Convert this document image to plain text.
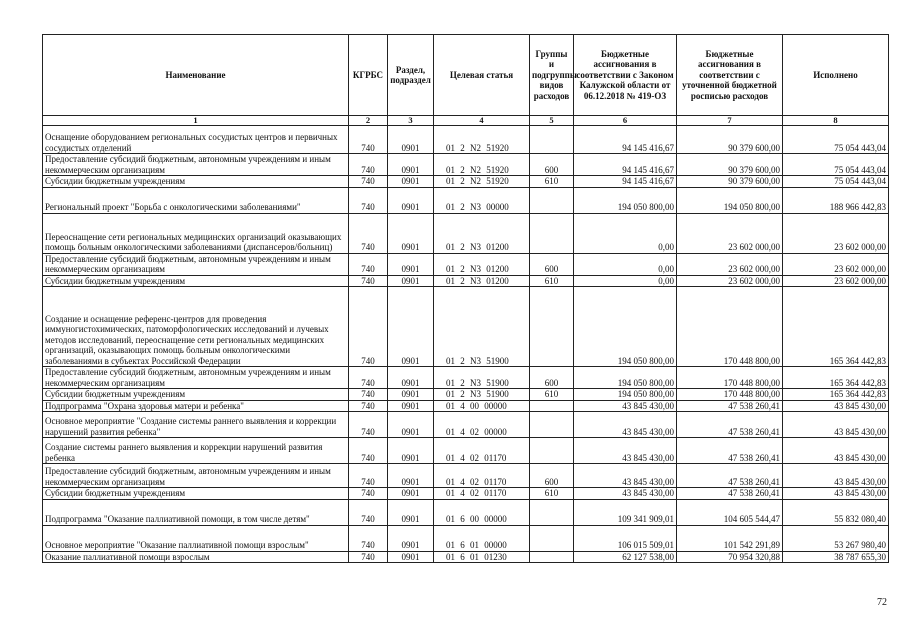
Наименование	КГРБС	Раздел, подраздел	Целевая статья	Группы и подгруппы видов расходов	Бюджетные ассигнования в соответствии с Законом Калужской области от 06.12.2018 № 419-ОЗ	Бюджетные ассигнования в соответствии с уточненной бюджетной росписью расходов	Исполнено
1	2	3	4	5	6	7	8
Оснащение оборудованием региональных сосудистых центров и первичных сосудистых отделений	740	0901	01 2 N2 51920		94 145 416,67	90 379 600,00	75 054 443,04
Предоставление субсидий бюджетным, автономным учреждениям и иным некоммерческим организациям	740	0901	01 2 N2 51920	600	94 145 416,67	90 379 600,00	75 054 443,04
Субсидии бюджетным учреждениям	740	0901	01 2 N2 51920	610	94 145 416,67	90 379 600,00	75 054 443,04
Региональный проект "Борьба с онкологическими заболеваниями"	740	0901	01 2 N3 00000		194 050 800,00	194 050 800,00	188 966 442,83
Переоснащение сети региональных медицинских организаций оказывающих помощь больным онкологическими заболеваниями (диспансеров/больниц)	740	0901	01 2 N3 01200		0,00	23 602 000,00	23 602 000,00
Предоставление субсидий бюджетным, автономным учреждениям и иным некоммерческим организациям	740	0901	01 2 N3 01200	600	0,00	23 602 000,00	23 602 000,00
Субсидии бюджетным учреждениям	740	0901	01 2 N3 01200	610	0,00	23 602 000,00	23 602 000,00
Создание и оснащение референс-центров для проведения иммуногистохимических, патоморфологических исследований и лучевых методов исследований, переоснащение сети региональных медицинских организаций, оказывающих помощь больным онкологическими заболеваниями в субъектах Российской Федерации	740	0901	01 2 N3 51900		194 050 800,00	170 448 800,00	165 364 442,83
Предоставление субсидий бюджетным, автономным учреждениям и иным некоммерческим организациям	740	0901	01 2 N3 51900	600	194 050 800,00	170 448 800,00	165 364 442,83
Субсидии бюджетным учреждениям	740	0901	01 2 N3 51900	610	194 050 800,00	170 448 800,00	165 364 442,83
Подпрограмма "Охрана здоровья матери и ребенка"	740	0901	01 4 00 00000		43 845 430,00	47 538 260,41	43 845 430,00
Основное мероприятие "Создание системы раннего выявления и коррекции нарушений развития ребенка"	740	0901	01 4 02 00000		43 845 430,00	47 538 260,41	43 845 430,00
Создание системы раннего выявления и коррекции нарушений развития ребенка	740	0901	01 4 02 01170		43 845 430,00	47 538 260,41	43 845 430,00
Предоставление субсидий бюджетным, автономным учреждениям и иным некоммерческим организациям	740	0901	01 4 02 01170	600	43 845 430,00	47 538 260,41	43 845 430,00
Субсидии бюджетным учреждениям	740	0901	01 4 02 01170	610	43 845 430,00	47 538 260,41	43 845 430,00
Подпрограмма "Оказание паллиативной помощи, в том числе детям"	740	0901	01 6 00 00000		109 341 909,01	104 605 544,47	55 832 080,40
Основное мероприятие "Оказание паллиативной помощи взрослым"	740	0901	01 6 01 00000		106 015 509,01	101 542 291,89	53 267 980,40
Оказание паллиативной помощи взрослым	740	0901	01 6 01 01230		62 127 538,00	70 954 320,88	38 787 655,30
72
